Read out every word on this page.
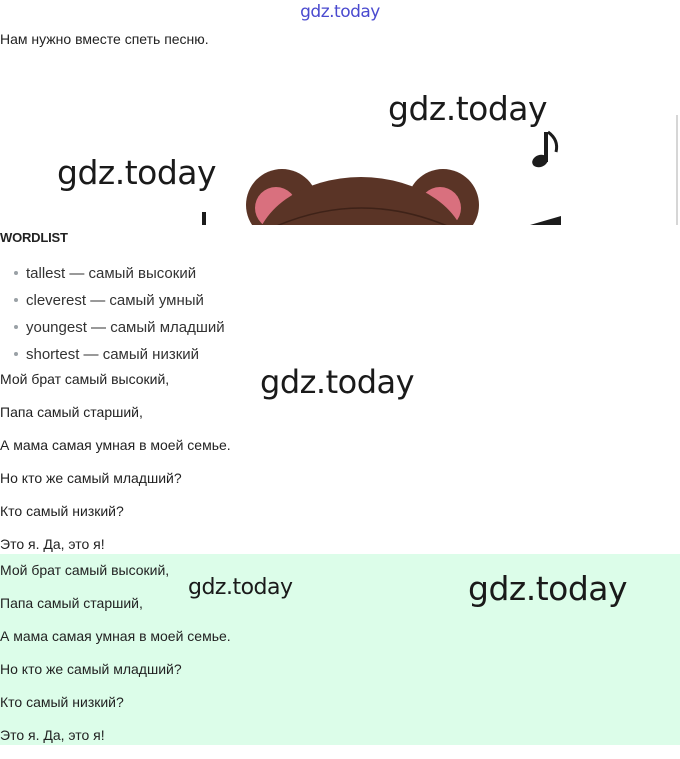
gdz.today
Нам нужно вместе спеть песню.
gdz.today
gdz.today
WORDLIST
tallest — самый высокий
cleverest — самый умный
youngest — самый младший
shortest — самый низкий
Мой брат самый высокий,
Папа самый старший,
А мама самая умная в моей семье.
Но кто же самый младший?
Кто самый низкий?
Это я. Да, это я!
gdz.today
Мой брат самый высокий,
Папа самый старший,
А мама самая умная в моей семье.
Но кто же самый младший?
Кто самый низкий?
Это я. Да, это я!
gdz.today	gdz.today
